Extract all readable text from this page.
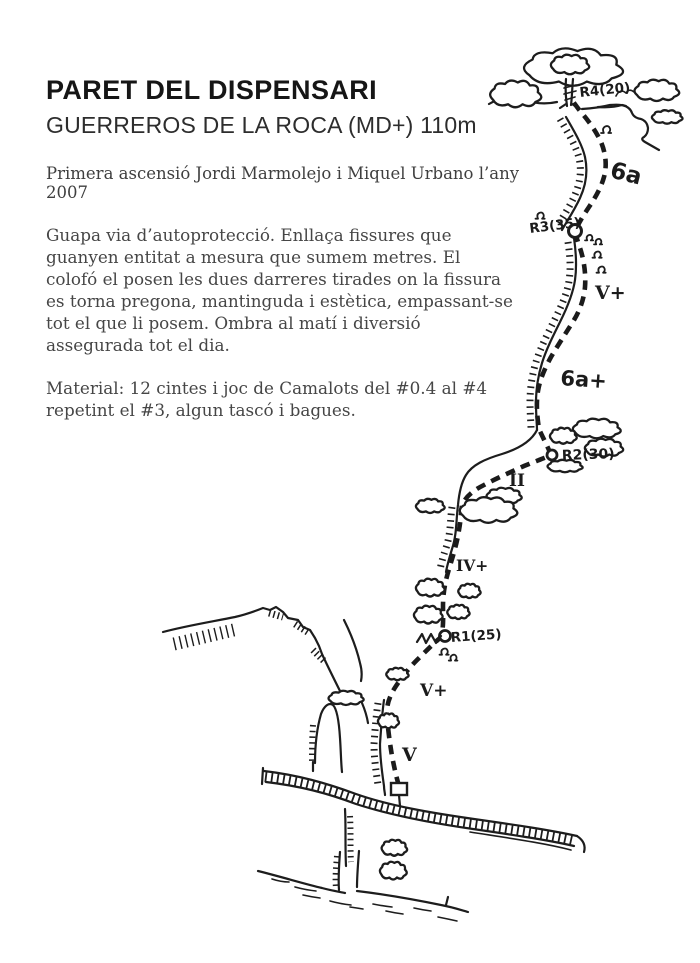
PARET DEL DISPENSARI
GUERREROS DE LA ROCA (MD+) 110m

Primera ascensió Jordi Marmolejo i Miquel Urbano l’any 2007

Guapa via d’autoprotecció. Enllaça fissures que guanyen entitat a mesura que sumem metres. El colofó el posen les dues darreres tirades on la fissura es torna pregona, mantinguda i estètica, empassant-se tot el que li posem. Ombra al matí i diversió assegurada tot el dia.

Material: 12 cintes i joc de Camalots del #0.4 al #4 repetint el #3, algun tascó i bagues.

R4(20)
6a
R3(35)
V+
6a+
R2(30)
II
IV+
R1(25)
V+
V
